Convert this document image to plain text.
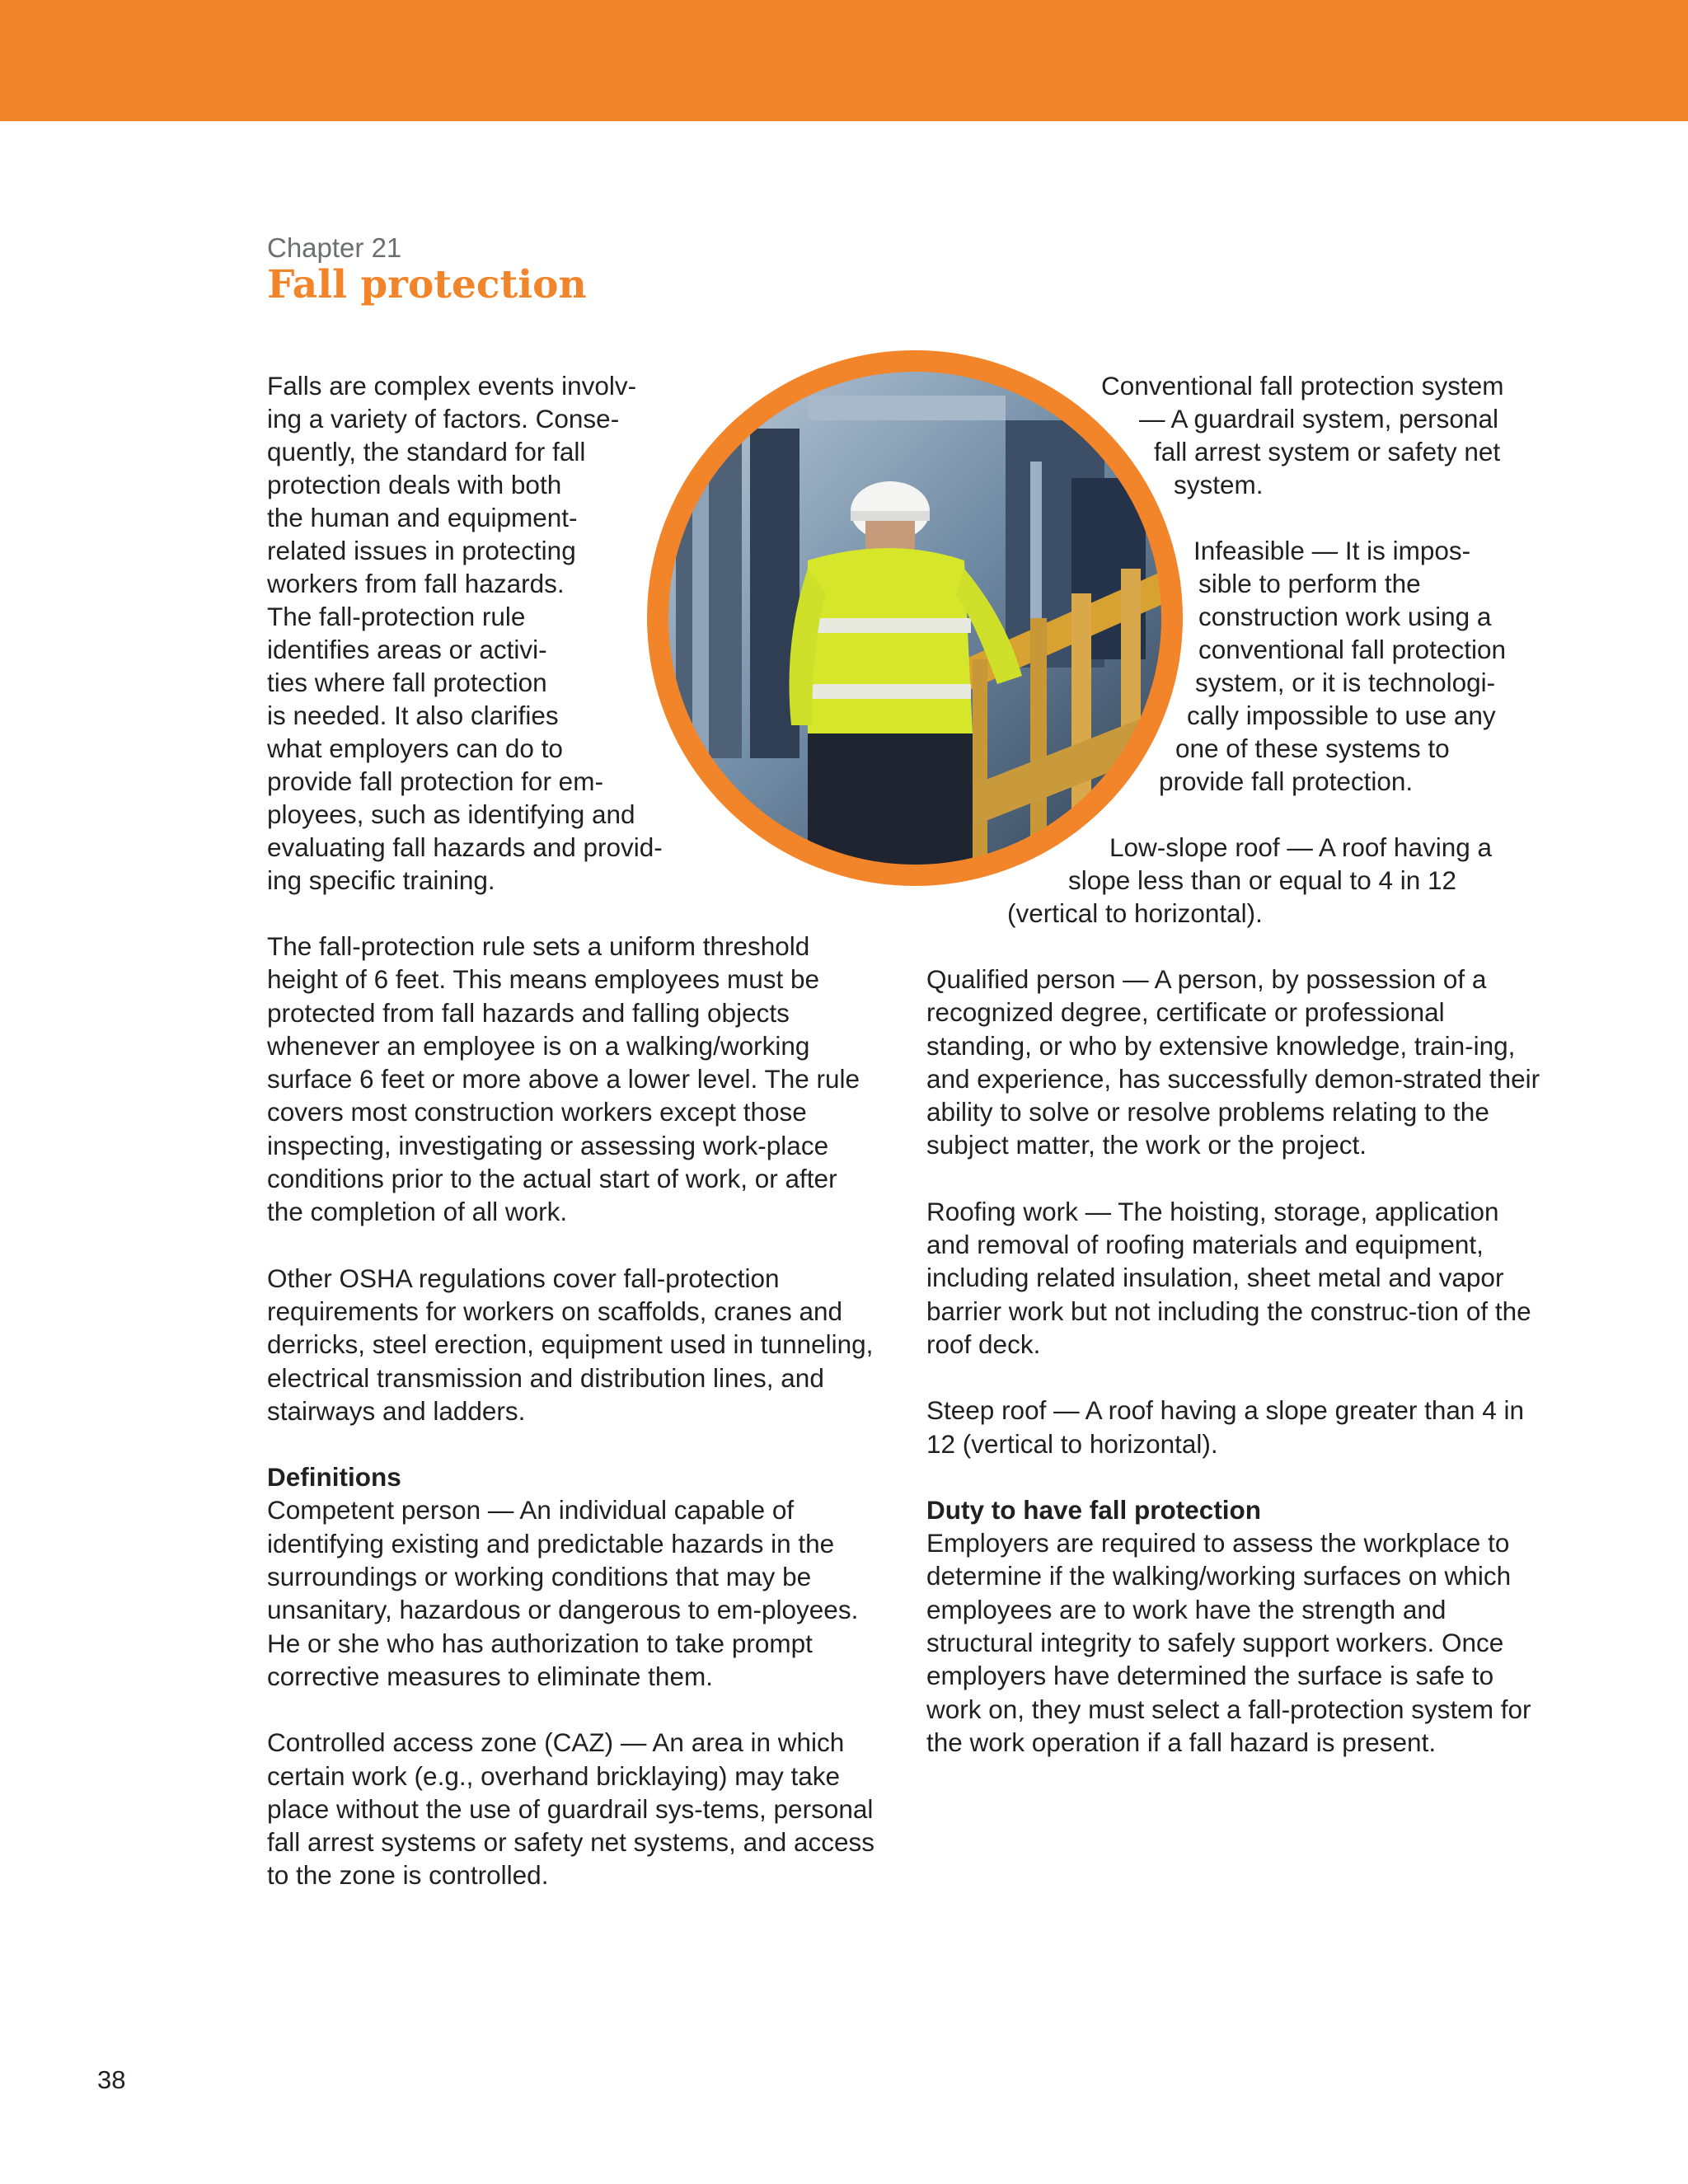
Chapter 21
Fall protection
Falls are complex events involv-
ing a variety of factors. Conse-
quently, the standard for fall
protection deals with both
the human and equipment-
related issues in protecting
workers from fall hazards.
The fall-protection rule
identifies areas or activi-
ties where fall protection
is needed. It also clarifies
what employers can do to
provide fall protection for em-
ployees, such as identifying and
evaluating fall hazards and provid-
ing specific training.
Conventional fall protection system
— A guardrail system, personal
fall arrest system or safety net
system.
Infeasible — It is impos-
sible to perform the
construction work using a
conventional fall protection
system, or it is technologi-
cally impossible to use any
one of these systems to
provide fall protection.
Low-slope roof — A roof having a
slope less than or equal to 4 in 12
(vertical to horizontal).

The fall-protection rule sets a uniform threshold height of 6 feet. This means employees must be protected from fall hazards and falling objects whenever an employee is on a walking/working surface 6 feet or more above a lower level. The rule covers most construction workers except those inspecting, investigating or assessing work-place conditions prior to the actual start of work, or after the completion of all work.

Other OSHA regulations cover fall-protection requirements for workers on scaffolds, cranes and derricks, steel erection, equipment used in tunneling, electrical transmission and distribution lines, and stairways and ladders.

Definitions

Competent person — An individual capable of identifying existing and predictable hazards in the surroundings or working conditions that may be unsanitary, hazardous or dangerous to em-ployees. He or she who has authorization to take prompt corrective measures to eliminate them.

Controlled access zone (CAZ) — An area in which certain work (e.g., overhand bricklaying) may take place without the use of guardrail sys-tems, personal fall arrest systems or safety net systems, and access to the zone is controlled.

Qualified person — A person, by possession of a recognized degree, certificate or professional standing, or who by extensive knowledge, train-ing, and experience, has successfully demon-strated their ability to solve or resolve problems relating to the subject matter, the work or the project.

Roofing work — The hoisting, storage, application and removal of roofing materials and equipment, including related insulation, sheet metal and vapor barrier work but not including the construc-tion of the roof deck.

Steep roof — A roof having a slope greater than 4 in 12 (vertical to horizontal).

Duty to have fall protection

Employers are required to assess the workplace to determine if the walking/working surfaces on which employees are to work have the strength and structural integrity to safely support workers. Once employers have determined the surface is safe to work on, they must select a fall-protection system for the work operation if a fall hazard is present.

38
